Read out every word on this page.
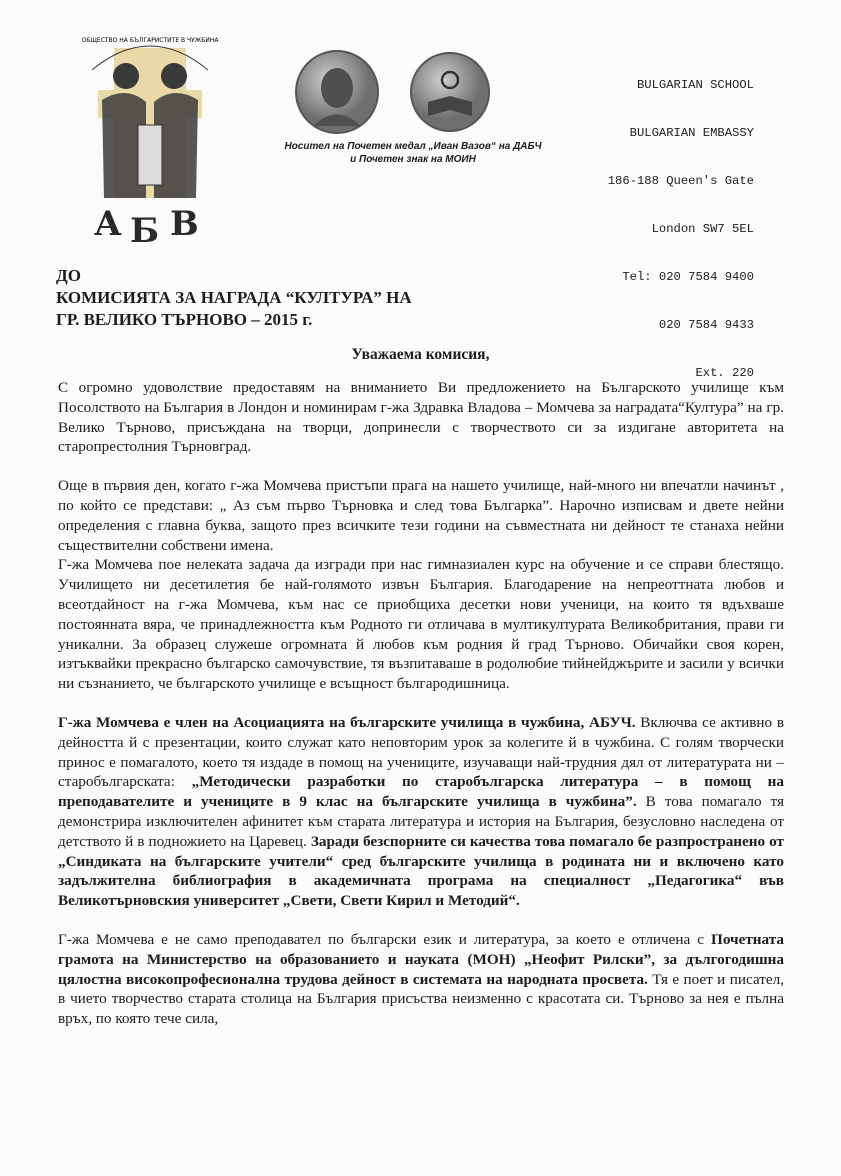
А Б В
ОБЩЕСТВО НА БЪЛГАРИСТИТЕ В ЧУЖБИНА
Носител на Почетен медал „Иван Вазов“ на ДАБЧ
и Почетен знак на МОИН

BULGARIAN SCHOOL

BULGARIAN EMBASSY

186-188 Queen's Gate

London SW7 5EL

Tel: 020 7584 9400

020 7584 9433

Ext. 220

ДО
КОМИСИЯТА ЗА НАГРАДА “КУЛТУРА” НА
ГР. ВЕЛИКО ТЪРНОВО – 2015 г.
Уважаема комисия,

С огромно удоволствие предоставям на вниманието Ви предложението на Българското училище към Посолството на България в Лондон и номинирам г-жа Здравка Владова – Момчева за наградата“Култура” на гр. Велико Търново, присъждана на творци, допринесли с творчеството си за издигане авторитета на старопрестолния Търновград.

Още в първия ден, когато г-жа Момчева пристъпи прага на нашето училище, най-много ни впечатли начинът , по който се представи: „ Аз съм първо Търновка и след това Българка”. Нарочно изписвам и двете нейни определения с главна буква, защото през всичките тези години на съвместната ни дейност те станаха нейни съществителни собствени имена.

Г-жа Момчева пое нелеката задача да изгради при нас гимназиален курс на обучение и се справи блестящо. Училището ни десетилетия бе най-голямото извън България. Благодарение на непреоттната любов и всеотдайност на г-жа Момчева, към нас се приобщиха десетки нови ученици, на които тя вдъхваше постоянната вяра, че принадлежността към Родното ги отличава в мултикултурата Великобритания, прави ги уникални. За образец служеше огромната й любов към родния й град Търново. Обичайки своя корен, изтъквайки прекрасно българско самочувствие, тя възпитаваше в родолюбие тийнейджърите и засили у всички ни съзнанието, че българското училище е всъщност българодишница.

Г-жа Момчева е член на Асоциацията на българските училища в чужбина, АБУЧ. Включва се активно в дейността й с презентации, които служат като неповторим урок за колегите й в чужбина. С голям творчески принос е помагалото, което тя издаде в помощ на учениците, изучаващи най-трудния дял от литературата ни – старобългарската: „Методически разработки по старобългарска литература – в помощ на преподавателите и учениците в 9 клас на българските училища в чужбина”. В това помагало тя демонстрира изключителен афинитет към старата литература и история на България, безусловно наследена от детството й в подножието на Царевец. Заради безспорните си качества това помагало бе разпространено от „Синдиката на българските учители“ сред българските училища в родината ни и включено като задължителна библиография в академичната програма на специалност „Педагогика“ във Великотърновския университет „Свети, Свети Кирил и Методий“.

Г-жа Момчева е не само преподавател по български език и литература, за което е отличена с Почетната грамота на Министерство на образованието и науката (МОН) „Неофит Рилски”, за дългогодишна цялостна високопрофесионална трудова дейност в системата на народната просвета. Тя е поет и писател, в чието творчество старата столица на България присъства неизменно с красотата си. Търново за нея е пълна връх, по която тече сила,
